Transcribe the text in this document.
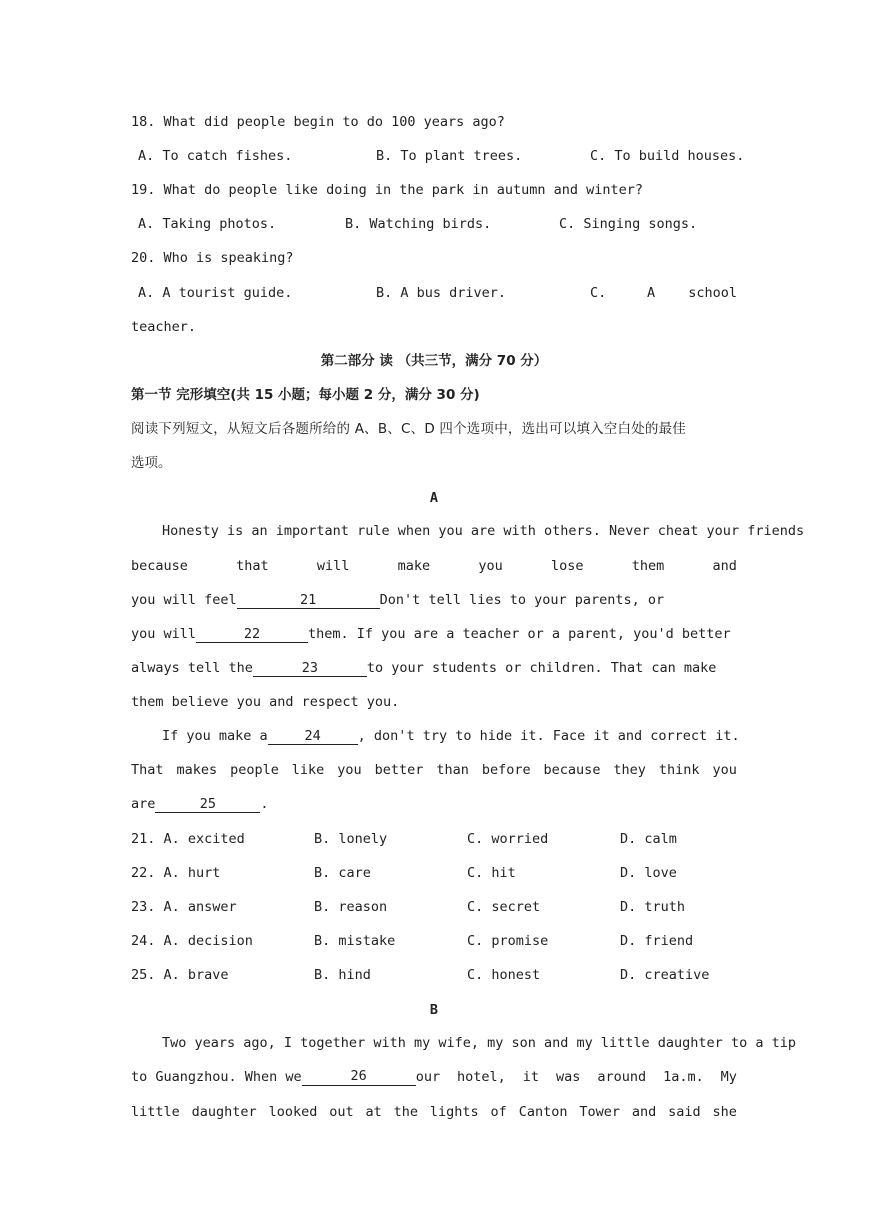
18. What did people begin to do 100 years ago?
A. To catch fishes.	B. To plant trees.	C. To build houses.
19. What do people like doing in the park in autumn and winter?
A. Taking photos.	B. Watching birds.	C. Singing songs.
20. Who is speaking?
A. A tourist guide.	B. A bus driver.	C.	A school
teacher.
第二部分 读 （共三节，满分 70 分）
第一节 完形填空(共 15 小题；每小题 2 分，满分 30 分)
阅读下列短文，从短文后各题所给的 A、B、C、D 四个选项中，选出可以填入空白处的最佳
选项。
A
Honesty is an important rule when you are with others. Never cheat your friends
because	that	will	make	you	lose	them	and
you will feel	21	Don't tell lies to your parents, or
you will	22	them. If you are a teacher or a parent, you'd better
always tell the	23	to your students or children. That can make
them believe you and respect you.
If you make a	24	, don't try to hide it. Face it and correct it.
That makes people like you better than before because they think you
are	25	.
21. A. excited	B. lonely	C. worried	D. calm
22. A. hurt	B. care	C. hit	D. love
23. A. answer	B. reason	C. secret	D. truth
24. A. decision	B. mistake	C. promise	D. friend
25. A. brave	B. hind	C. honest	D. creative
B
Two years ago, I together with my wife, my son and my little daughter to a tip
to Guangzhou. When we	26	our hotel, it was around 1a.m. My
little daughter looked out at the lights of Canton Tower and said she
